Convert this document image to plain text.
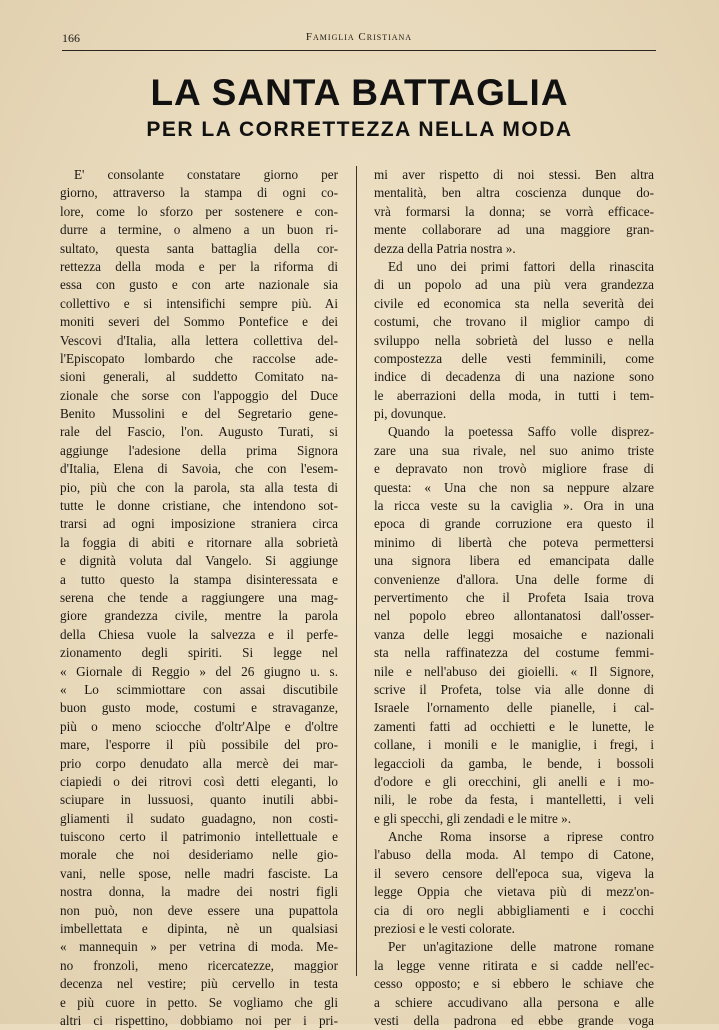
166	Famiglia Cristiana
LA SANTA BATTAGLIA
PER LA CORRETTEZZA NELLA MODA
E' consolante constatare giorno per
giorno, attraverso la stampa di ogni co-
lore, come lo sforzo per sostenere e con-
durre a termine, o almeno a un buon ri-
sultato, questa santa battaglia della cor-
rettezza della moda e per la riforma di
essa con gusto e con arte nazionale sia
collettivo e si intensifichi sempre più. Ai
moniti severi del Sommo Pontefice e dei
Vescovi d'Italia, alla lettera collettiva del-
l'Episcopato lombardo che raccolse ade-
sioni generali, al suddetto Comitato na-
zionale che sorse con l'appoggio del Duce
Benito Mussolini e del Segretario gene-
rale del Fascio, l'on. Augusto Turati, si
aggiunge l'adesione della prima Signora
d'Italia, Elena di Savoia, che con l'esem-
pio, più che con la parola, sta alla testa di
tutte le donne cristiane, che intendono sot-
trarsi ad ogni imposizione straniera circa
la foggia di abiti e ritornare alla sobrietà
e dignità voluta dal Vangelo. Si aggiunge
a tutto questo la stampa disinteressata e
serena che tende a raggiungere una mag-
giore grandezza civile, mentre la parola
della Chiesa vuole la salvezza e il perfe-
zionamento degli spiriti. Si legge nel
« Giornale di Reggio » del 26 giugno u. s.
« Lo scimmiottare con assai discutibile
buon gusto mode, costumi e stravaganze,
più o meno sciocche d'oltr'Alpe e d'oltre
mare, l'esporre il più possibile del pro-
prio corpo denudato alla mercè dei mar-
ciapiedi o dei ritrovi così detti eleganti, lo
sciupare in lussuosi, quanto inutili abbi-
gliamenti il sudato guadagno, non costi-
tuiscono certo il patrimonio intellettuale e
morale che noi desideriamo nelle gio-
vani, nelle spose, nelle madri fasciste. La
nostra donna, la madre dei nostri figli
non può, non deve essere una pupattola
imbellettata e dipinta, nè un qualsiasi
« mannequin » per vetrina di moda. Me-
no fronzoli, meno ricercatezze, maggior
decenza nel vestire; più cervello in testa
e più cuore in petto. Se vogliamo che gli
altri ci rispettino, dobbiamo noi per i pri-
mi aver rispetto di noi stessi. Ben altra
mentalità, ben altra coscienza dunque do-
vrà formarsi la donna; se vorrà efficace-
mente collaborare ad una maggiore gran-
dezza della Patria nostra ».
Ed uno dei primi fattori della rinascita
di un popolo ad una più vera grandezza
civile ed economica sta nella severità dei
costumi, che trovano il miglior campo di
sviluppo nella sobrietà del lusso e nella
compostezza delle vesti femminili, come
indice di decadenza di una nazione sono
le aberrazioni della moda, in tutti i tem-
pi, dovunque.
Quando la poetessa Saffo volle disprez-
zare una sua rivale, nel suo animo triste
e depravato non trovò migliore frase di
questa: « Una che non sa neppure alzare
la ricca veste su la caviglia ». Ora in una
epoca di grande corruzione era questo il
minimo di libertà che poteva permettersi
una signora libera ed emancipata dalle
convenienze d'allora. Una delle forme di
pervertimento che il Profeta Isaia trova
nel popolo ebreo allontanatosi dall'osser-
vanza delle leggi mosaiche e nazionali
sta nella raffinatezza del costume femmi-
nile e nell'abuso dei gioielli. « Il Signore,
scrive il Profeta, tolse via alle donne di
Israele l'ornamento delle pianelle, i cal-
zamenti fatti ad occhietti e le lunette, le
collane, i monili e le maniglie, i fregi, i
legaccioli da gamba, le bende, i bossoli
d'odore e gli orecchini, gli anelli e i mo-
nili, le robe da festa, i mantelletti, i veli
e gli specchi, gli zendadi e le mitre ».
Anche Roma insorse a riprese contro
l'abuso della moda. Al tempo di Catone,
il severo censore dell'epoca sua, vigeva la
legge Oppia che vietava più di mezz'on-
cia di oro negli abbigliamenti e i cocchi
preziosi e le vesti colorate.
Per un'agitazione delle matrone romane
la legge venne ritirata e si cadde nell'ec-
cesso opposto; e si ebbero le schiave che
a schiere accudivano alla persona e alle
vesti della padrona ed ebbe grande voga
